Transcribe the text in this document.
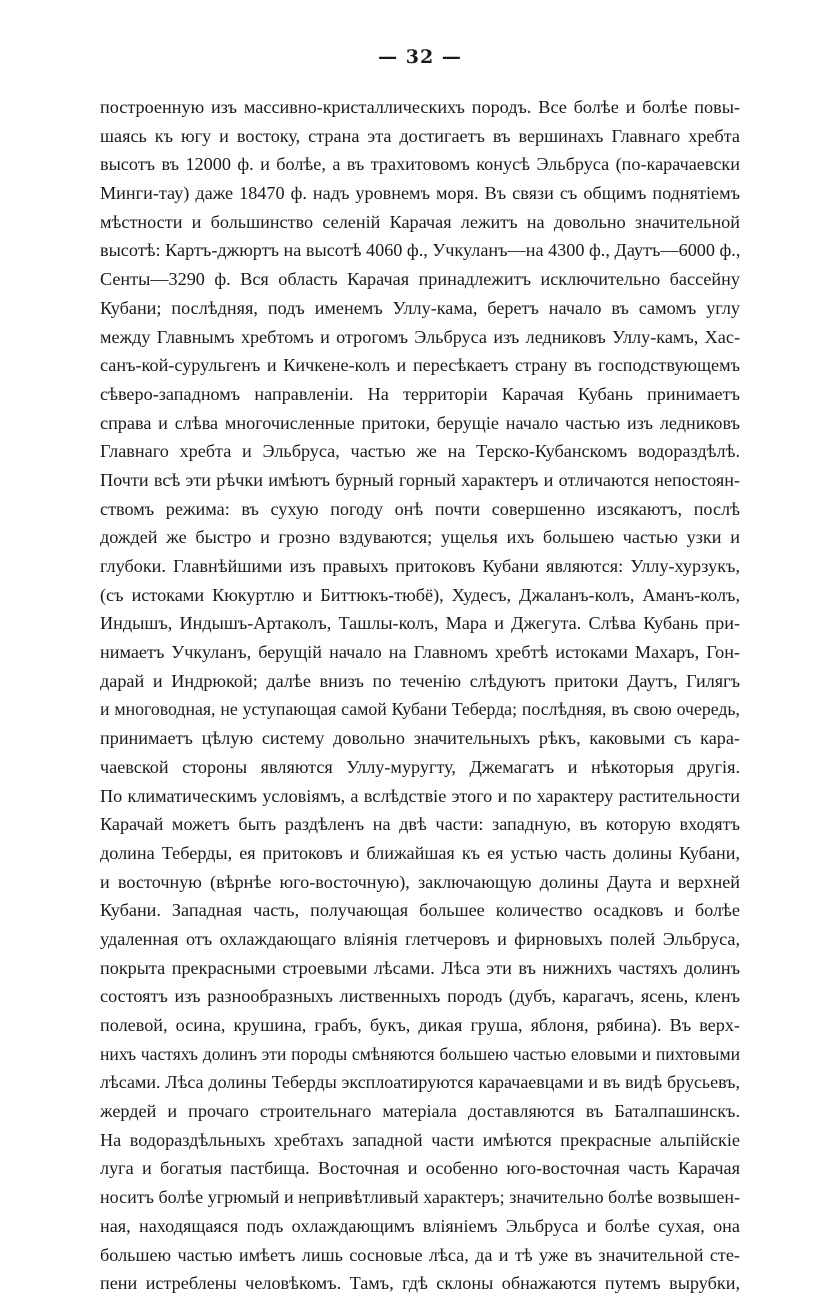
— 32 —
построенную изъ массивно-кристаллическихъ породъ. Все болѣе и болѣе повы-
шаясь къ югу и востоку, страна эта достигаетъ въ вершинахъ Главнаго хребта
высотъ въ 12000 ф. и болѣе, а въ трахитовомъ конусѣ Эльбруса (по-карачаевски
Минги-тау) даже 18470 ф. надъ уровнемъ моря. Въ связи съ общимъ поднятіемъ
мѣстности и большинство селеній Карачая лежитъ на довольно значительной
высотѣ: Картъ-джюртъ на высотѣ 4060 ф., Учкуланъ—на 4300 ф., Даутъ—6000 ф.,
Сенты—3290 ф. Вся область Карачая принадлежитъ исключительно бассейну
Кубани; послѣдняя, подъ именемъ Уллу-кама, беретъ начало въ самомъ углу
между Главнымъ хребтомъ и отрогомъ Эльбруса изъ ледниковъ Уллу-камъ, Хас-
санъ-кой-сурульгенъ и Кичкене-колъ и пересѣкаетъ страну въ господствующемъ
сѣверо-западномъ направленіи. На территоріи Карачая Кубань принимаетъ
справа и слѣва многочисленные притоки, берущіе начало частью изъ ледниковъ
Главнаго хребта и Эльбруса, частью же на Терско-Кубанскомъ водораздѣлѣ.
Почти всѣ эти рѣчки имѣютъ бурный горный характеръ и отличаются непостоян-
ствомъ режима: въ сухую погоду онѣ почти совершенно изсякаютъ, послѣ
дождей же быстро и грозно вздуваются; ущелья ихъ большею частью узки и
глубоки. Главнѣйшими изъ правыхъ притоковъ Кубани являются: Уллу-хурзукъ,
(съ истоками Кюкуртлю и Биттюкъ-тюбё), Худесъ, Джаланъ-колъ, Аманъ-колъ,
Индышъ, Индышъ-Артаколъ, Ташлы-колъ, Мара и Джегута. Слѣва Кубань при-
нимаетъ Учкуланъ, берущій начало на Главномъ хребтѣ истоками Махаръ, Гон-
дарай и Индрюкой; далѣе внизъ по теченію слѣдуютъ притоки Даутъ, Гилягъ
и многоводная, не уступающая самой Кубани Теберда; послѣдняя, въ свою очередь,
принимаетъ цѣлую систему довольно значительныхъ рѣкъ, каковыми съ кара-
чаевской стороны являются Уллу-муругту, Джемагатъ и нѣкоторыя другія.
По климатическимъ условіямъ, а вслѣдствіе этого и по характеру растительности
Карачай можетъ быть раздѣленъ на двѣ части: западную, въ которую входятъ
долина Теберды, ея притоковъ и ближайшая къ ея устью часть долины Кубани,
и восточную (вѣрнѣе юго-восточную), заключающую долины Даута и верхней
Кубани. Западная часть, получающая большее количество осадковъ и болѣе
удаленная отъ охлаждающаго вліянія глетчеровъ и фирновыхъ полей Эльбруса,
покрыта прекрасными строевыми лѣсами. Лѣса эти въ нижнихъ частяхъ долинъ
состоятъ изъ разнообразныхъ лиственныхъ породъ (дубъ, карагачъ, ясень, кленъ
полевой, осина, крушина, грабъ, букъ, дикая груша, яблоня, рябина). Въ верх-
нихъ частяхъ долинъ эти породы смѣняются большею частью еловыми и пихтовыми
лѣсами. Лѣса долины Теберды эксплоатируются карачаевцами и въ видѣ брусьевъ,
жердей и прочаго строительнаго матеріала доставляются въ Баталпашинскъ.
На водораздѣльныхъ хребтахъ западной части имѣются прекрасные альпійскіе
луга и богатыя пастбища. Восточная и особенно юго-восточная часть Карачая
носитъ болѣе угрюмый и непривѣтливый характеръ; значительно болѣе возвышен-
ная, находящаяся подъ охлаждающимъ вліяніемъ Эльбруса и болѣе сухая, она
большею частью имѣетъ лишь сосновые лѣса, да и тѣ уже въ значительной сте-
пени истреблены человѣкомъ. Тамъ, гдѣ склоны обнажаются путемъ вырубки,
